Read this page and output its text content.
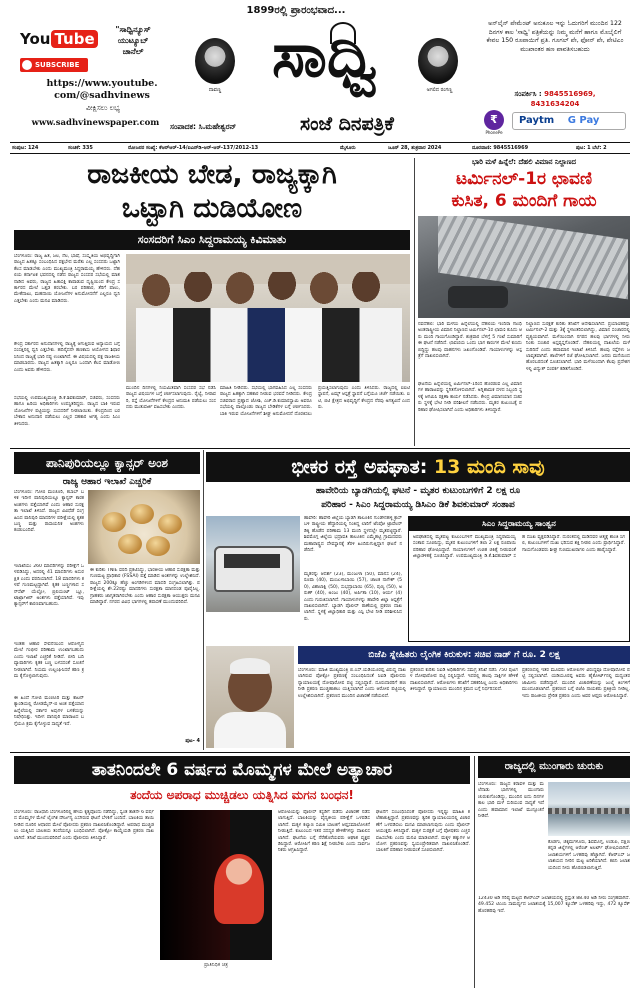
You Tube
SUBSCRIBE
"ಸಾಧ್ವಿನ್ಯೂಸ್
ಯುಟ್ಯೂಬ್
ಚಾನೆಲ್
https://www.youtube.
com/@sadhvinews
ವೀಕ್ಷಿಸಲು ಲಭ್ಯ
www.sadhvinewspaper.com
1899ರಲ್ಲಿ ಪ್ರಾರಂಭವಾದ...
ದಾವಣ್ಣ ಸಾಧ್ವಿ	ಅಗಲಿದ ರಂಗಣ್ಣ
ಸಂಪಾದಕ: ಸಿ.ಮಹೇಶ್ವರನ್	ಸಂಜೆ ದಿನಪತ್ರಿಕೆ
ಅನ್‌ಲೈನ್ ಪೇಮೆಂಟ್ ಅನುಕೂಲ ಇನ್ನು ಓದುಗರಿಗೆ ಮುಂದಿನ 122 ದಿನಗಳ ಕಾಲ 'ಸಾಧ್ವಿ' ಪತ್ರಿಕೆಯನ್ನು ನಿಮ್ಮ ಮನೆಗೆ ಹಾಗೂ ಮೊಬೈಲಿಗೆ ಕೇವಲ 150 ರೂಪಾಯಿಗೆ ಪ್ರತಿ. ಗೂಗಲ್ ಪೇ, ಫೋನ್ ಪೇ, ಪೇಟಿಎಂ ಮುಖಾಂತರ ಹಣ ಪಾವತಿಸಬಹುದು
ಸಂಪರ್ಕಿಸಿ : 9845516969,
8431634204
₹
PhonePe
Paytm G Pay
ಸಂಪುಟ: 124	ಸಂಚಿಕೆ: 335	ರೋಜನರ ಸಂಖ್ಯೆ: ಕೆಆರ್‌ಆರ್-14/ಐಎನ್‌ಡಿ-ಆರ್‌-ಆರ್‌-137/2012-13	ಮೈಸೂರು	ಜೂನ್ 28, ಶುಕ್ರವಾರ 2024	ದೂರವಾಣಿ: 9845516969	ಪುಟ: 1 ಬೆಲೆ: 2
ರಾಜಕೀಯ ಬೇಡ, ರಾಜ್ಯಕ್ಕಾಗಿ
ಒಟ್ಟಾಗಿ ದುಡಿಯೋಣ
ಸಂಸದರಿಗೆ ಸಿಎಂ ಸಿದ್ದರಾಮಯ್ಯ ಕಿವಿಮಾತು
ಬೆಂಗಳೂರು: ರಾಜ್ಯ ಹಿತ, ಜಲ, ನೆಲ, ಭಾಷೆ, ಸಂಸ್ಕೃತಿಯ ಅಭಿವೃದ್ಧಿಗಾಗಿ ರಾಜ್ಯದ ಹಿತಕ್ಕೂ ಸಂಬಂಧಿಸಿದ ಪಕ್ಷಭೇದ ಮರೆತು ಎಲ್ಲ ಸಂಸದರು ಒಟ್ಟಾಗಿ ಕೆಲಸ ಮಾಡಬೇಕು ಎಂದು ಮುಖ್ಯಮಂತ್ರಿ ಸಿದ್ದರಾಮಯ್ಯ ಹೇಳಿದರು. ದೆಹಲಿಯ ಕರ್ನಾಟಕ ಭವನದಲ್ಲಿ ನಡೆದ ರಾಜ್ಯದ ಸಂಸದರ ಸಭೆಯಲ್ಲಿ ಮಾತನಾಡಿದ ಅವರು, ರಾಜ್ಯದ ಹಿತಾಸಕ್ತಿ ಕಾಪಾಡುವ ದೃಷ್ಟಿಯಿಂದ ಕೇಂದ್ರ ಸರ್ಕಾರದ ಮೇಲೆ ಒತ್ತಡ ತರಬೇಕು. ಬರ ಪರಿಹಾರ, ತೆರಿಗೆ ಪಾಲು, ಮೇಕೆದಾಟು, ಮಹದಾಯಿ ಯೋಜನೆಗಳ ಅನುಮೋದನೆಗೆ ಎಲ್ಲರೂ ಧ್ವನಿ ಎತ್ತಬೇಕು ಎಂದು ಮನವಿ ಮಾಡಿದರು.
ಕೇಂದ್ರ ಸರ್ಕಾರದ ಅನುದಾನಗಳಲ್ಲಿ ರಾಜ್ಯಕ್ಕೆ ಆಗುತ್ತಿರುವ ಅನ್ಯಾಯದ ಬಗ್ಗೆ ಸಂಸತ್ತಿನಲ್ಲಿ ಧ್ವನಿ ಎತ್ತಬೇಕು. ಹದಿನೈದನೇ ಹಣಕಾಸು ಆಯೋಗದ ಶಿಫಾರಸಿನಿಂದ ರಾಜ್ಯಕ್ಕೆ ಭಾರಿ ನಷ್ಟ ಉಂಟಾಗಿದೆ. ಈ ವಿಷಯದಲ್ಲಿ ಪಕ್ಷ ರಾಜಕೀಯ ಮಾಡಬಾರದು. ರಾಜ್ಯದ ಹಿತಕ್ಕಾಗಿ ಎಲ್ಲರೂ ಒಂದಾಗಿ ಕೆಲಸ ಮಾಡೋಣ ಎಂದು ಅವರು ಹೇಳಿದರು.
ಸಭೆಯಲ್ಲಿ ಉಪಮುಖ್ಯಮಂತ್ರಿ ಡಿ.ಕೆ.ಶಿವಕುಮಾರ್, ಸಚಿವರು, ಸಂಸದರು ಹಾಗೂ ಹಿರಿಯ ಅಧಿಕಾರಿಗಳು ಉಪಸ್ಥಿತರಿದ್ದರು. ರಾಜ್ಯದ ಬಾಕಿ ಇರುವ ಯೋಜನೆಗಳ ಪಟ್ಟಿಯನ್ನು ಸಂಸದರಿಗೆ ನೀಡಲಾಯಿತು. ಕೇಂದ್ರದಿಂದ ಬರಬೇಕಾದ ಅನುದಾನ ಪಡೆಯಲು ಎಲ್ಲರ ಸಹಕಾರ ಅಗತ್ಯ ಎಂದು ಸಿಎಂ ತಿಳಿಸಿದರು.
ಮುಂದಿನ ದಿನಗಳಲ್ಲಿ ನಿಯಮಿತವಾಗಿ ಸಂಸದರ ಸಭೆ ನಡೆಸಿ ರಾಜ್ಯದ ವಿಷಯಗಳ ಬಗ್ಗೆ ಚರ್ಚಿಸಲಾಗುವುದು. ರೈಲ್ವೆ, ನೀರಾವರಿ, ರಸ್ತೆ ಯೋಜನೆಗಳಿಗೆ ಕೇಂದ್ರದ ಅನುಮತಿ ಪಡೆಯಲು ಸಂಸದರು ಮುತುವರ್ಜಿ ವಹಿಸಬೇಕು ಎಂದರು.
ಮಾಹಿತಿ ನೀಡಿದರು. ಸಭೆಯಲ್ಲಿ ಭಾಗವಹಿಸಿದ ಎಲ್ಲ ಸಂಸದರು ರಾಜ್ಯದ ಹಿತಕ್ಕಾಗಿ ಸಹಕಾರ ನೀಡುವ ಭರವಸೆ ನೀಡಿದರು. ಕೇಂದ್ರ ಸಚಿವರಾದ ಪ್ರಹ್ಲಾದ ಜೋಶಿ, ಎಚ್.ಡಿ.ಕುಮಾರಸ್ವಾಮಿ ಅವರೂ ಸಭೆಯಲ್ಲಿ ಪಾಲ್ಗೊಂಡು ರಾಜ್ಯದ ಬೇಡಿಕೆಗಳ ಬಗ್ಗೆ ಚರ್ಚಿಸಿದರು. ಬಾಕಿ ಇರುವ ಯೋಜನೆಗಳಿಗೆ ಶೀಘ್ರ ಅನುಮೋದನೆ ದೊರಕಿಸಲು ಪ್ರಯತ್ನಿಸಲಾಗುವುದು ಎಂದು ತಿಳಿಸಿದರು. ರಾಜ್ಯದಲ್ಲಿ ಐಐಟಿ ಸ್ಥಾಪನೆ, ಏಮ್ಸ್ ಆಸ್ಪತ್ರೆ ಸ್ಥಾಪನೆ ಬಗ್ಗೆಯೂ ಚರ್ಚೆ ನಡೆಯಿತು. ಐಟಿ, ಬಿಟಿ ಕ್ಷೇತ್ರದ ಅಭಿವೃದ್ಧಿಗೆ ಕೇಂದ್ರದ ನೆರವು ಅಗತ್ಯವಿದೆ ಎಂದರು.
ಭಾರಿ ಮಳೆ ಹಿನ್ನೆಲೆ: ದೆಹಲಿ ವಿಮಾನ ನಿಲ್ದಾಣದ
ಟರ್ಮಿನಲ್-1ರ ಛಾವಣಿ
ಕುಸಿತ, 6 ಮಂದಿಗೆ ಗಾಯ
ನವದೆಹಲಿ: ಭಾರಿ ಮಳೆಯ ಹಿನ್ನೆಲೆಯಲ್ಲಿ ದೆಹಲಿಯ ಇಂದಿರಾ ಗಾಂಧಿ ಅಂತರಾಷ್ಟ್ರೀಯ ವಿಮಾನ ನಿಲ್ದಾಣದ ಟರ್ಮಿನಲ್-1ರ ಛಾವಣಿ ಕುಸಿದು ಆರು ಮಂದಿ ಗಾಯಗೊಂಡಿದ್ದಾರೆ. ಶುಕ್ರವಾರ ಬೆಳಗ್ಗೆ 5 ಗಂಟೆ ಸುಮಾರಿಗೆ ಈ ಘಟನೆ ನಡೆದಿದೆ. ಛಾವಣಿಯ ಒಂದು ಭಾಗ ಕಾರುಗಳ ಮೇಲೆ ಕುಸಿದು ಬಿದ್ದಿದ್ದು ಹಲವು ವಾಹನಗಳು ಜಖಂಗೊಂಡಿವೆ. ಗಾಯಾಳುಗಳನ್ನು ಆಸ್ಪತ್ರೆಗೆ ದಾಖಲಿಸಲಾಗಿದೆ.
ಘಟನೆಯ ಹಿನ್ನೆಲೆಯಲ್ಲಿ ಟರ್ಮಿನಲ್-1ರಿಂದ ಹೊರಡುವ ಎಲ್ಲ ವಿಮಾನಗಳ ಹಾರಾಟವನ್ನು ಸ್ಥಗಿತಗೊಳಿಸಲಾಗಿದೆ. ಅಗ್ನಿಶಾಮಕ ದಳದ ಸಿಬ್ಬಂದಿ ಸ್ಥಳಕ್ಕೆ ಆಗಮಿಸಿ ರಕ್ಷಣಾ ಕಾರ್ಯ ನಡೆಸಿದರು. ಕೇಂದ್ರ ವಿಮಾನಯಾನ ಸಚಿವರು ಸ್ಥಳಕ್ಕೆ ಭೇಟಿ ನೀಡಿ ಪರಿಶೀಲನೆ ನಡೆಸಿದರು. ಮೃತರ ಕುಟುಂಬಕ್ಕೆ ಪರಿಹಾರ ಘೋಷಿಸಲಾಗಿದೆ ಎಂದು ಅಧಿಕಾರಿಗಳು ತಿಳಿಸಿದ್ದಾರೆ.
ನಿಲ್ದಾಣದ ಸುರಕ್ಷತೆ ಕುರಿತು ತನಿಖೆಗೆ ಆದೇಶಿಸಲಾಗಿದೆ. ಪ್ರಯಾಣಿಕರನ್ನು ಟರ್ಮಿನಲ್-2 ಮತ್ತು 3ಕ್ಕೆ ಸ್ಥಳಾಂತರಿಸಲಾಗಿದ್ದು, ವಿಮಾನ ಸಂಚಾರದಲ್ಲಿ ವ್ಯತ್ಯಯವಾಗಿದೆ. ಮಳೆಯಿಂದಾಗಿ ನಗರದ ಹಲವು ಭಾಗಗಳಲ್ಲಿ ನೀರು ನಿಂತು ಸಂಚಾರ ಅಸ್ತವ್ಯಸ್ತಗೊಂಡಿದೆ. ದೆಹಲಿಯಲ್ಲಿ ದಾಖಲೆಯ ಮಳೆ ಸುರಿದಿದೆ ಎಂದು ಹವಾಮಾನ ಇಲಾಖೆ ತಿಳಿಸಿದೆ. ಹಲವು ರಸ್ತೆಗಳು ಜಲಾವೃತವಾಗಿವೆ. ಶಾಲೆಗಳಿಗೆ ರಜೆ ಘೋಷಿಸಲಾಗಿದೆ. ಜನರು ಮನೆಯಿಂದ ಹೊರಬರದಂತೆ ಸೂಚಿಸಲಾಗಿದೆ. ಭಾರಿ ಮಳೆಯಿಂದಾಗಿ ಕೆಲವು ಪ್ರದೇಶಗಳಲ್ಲಿ ವಿದ್ಯುತ್ ಸಂಪರ್ಕ ಕಡಿತಗೊಂಡಿದೆ.
ಪಾನಿಪುರಿಯಲ್ಲೂ ಕ್ಯಾನ್ಸರ್ ಅಂಶ
ರಾಜ್ಯ ಆಹಾರ ಇಲಾಖೆ ಎಚ್ಚರಿಕೆ
ಬೆಂಗಳೂರು: ಗೋಬಿ ಮಂಚೂರಿ, ಕಬಾಬ್ ಬಳಿಕ ಇದೀಗ ಪಾನಿಪುರಿಯಲ್ಲೂ ಕ್ಯಾನ್ಸರ್ ಕಾರಕ ಅಂಶಗಳು ಪತ್ತೆಯಾಗಿವೆ ಎಂದು ಆಹಾರ ಸುರಕ್ಷತಾ ಇಲಾಖೆ ತಿಳಿಸಿದೆ. ರಾಜ್ಯದ ವಿವಿಧೆಡೆ ಸಂಗ್ರಹಿಸಿದ ಪಾನಿಪುರಿ ಮಾದರಿಗಳ ಪರೀಕ್ಷೆಯಲ್ಲಿ ಕೃತಕ ಬಣ್ಣ ಮತ್ತು ರಾಸಾಯನಿಕ ಅಂಶಗಳು ಕಂಡುಬಂದಿವೆ.
ಇಲಾಖೆಯು 260 ಮಾದರಿಗಳನ್ನು ಪರೀಕ್ಷೆಗೆ ಒಳಪಡಿಸಿದ್ದು, ಅದರಲ್ಲಿ 41 ಮಾದರಿಗಳು ಅಸುರಕ್ಷಿತ ಎಂದು ವರದಿಯಾಗಿದೆ. 18 ಮಾದರಿಗಳು ಕಳಪೆ ಗುಣಮಟ್ಟದ್ದಾಗಿವೆ. ಕೃತಕ ಬಣ್ಣಗಳಾದ ಸನ್‌ಸೆಟ್ ಯೆಲ್ಲೋ, ಬ್ರಿಲಿಯಂಟ್ ಬ್ಲೂ, ಟಾರ್ಟ್ರಾಜಿನ್ ಅಂಶಗಳು ಪತ್ತೆಯಾಗಿವೆ. ಇವು ಕ್ಯಾನ್ಸರ್‌ಗೆ ಕಾರಣವಾಗಬಹುದು.
ಇಂತಹ ಆಹಾರ ಸೇವನೆಯಿಂದ ಆರೋಗ್ಯದ ಮೇಲೆ ಗಂಭೀರ ಪರಿಣಾಮ ಉಂಟಾಗಬಹುದು ಎಂದು ಇಲಾಖೆ ಎಚ್ಚರಿಕೆ ನೀಡಿದೆ. ಬೀದಿ ಬದಿ ವ್ಯಾಪಾರಿಗಳು ಕೃತಕ ಬಣ್ಣ ಬಳಸದಂತೆ ಸೂಚನೆ ನೀಡಲಾಗಿದೆ. ನಿಯಮ ಉಲ್ಲಂಘಿಸಿದರೆ ಕಠಿಣ ಕ್ರಮ ಕೈಗೊಳ್ಳಲಾಗುವುದು.
ಈ ಹಿಂದೆ ಗೋಬಿ ಮಂಚೂರಿ ಮತ್ತು ಕಾಟನ್ ಕ್ಯಾಂಡಿಯಲ್ಲಿ ರೋಡಮೈನ್-ಬಿ ಅಂಶ ಪತ್ತೆಯಾದ ಹಿನ್ನೆಲೆಯಲ್ಲಿ ಸರ್ಕಾರ ಅವುಗಳ ಬಳಕೆಯನ್ನು ನಿಷೇಧಿಸಿತ್ತು. ಇದೀಗ ಪಾನಿಪುರಿ ಮಾರಾಟದ ಬಗ್ಗೆಯೂ ಕ್ರಮ ಕೈಗೊಳ್ಳುವ ಸಾಧ್ಯತೆ ಇದೆ.
ಈ ಕುರಿತು TNIE ವರದಿ ಪ್ರಕಟಿಸಿದ್ದು, ಭಾರತೀಯ ಆಹಾರ ಸುರಕ್ಷತಾ ಮತ್ತು ಗುಣಮಟ್ಟ ಪ್ರಾಧಿಕಾರ (FSSAI) ಪತ್ತೆ ಮಾಡಿದ ಅಂಶಗಳನ್ನು ಉಲ್ಲೇಖಿಸಿದೆ. ರಾಜ್ಯದ 200ಕ್ಕೂ ಹೆಚ್ಚು ಅಂಗಡಿಗಳಿಂದ ಮಾದರಿ ಸಂಗ್ರಹಿಸಲಾಗಿತ್ತು. ಪರೀಕ್ಷೆಯಲ್ಲಿ ಶೇ.22ರಷ್ಟು ಮಾದರಿಗಳು ಸುರಕ್ಷತಾ ಮಾನದಂಡ ಪೂರೈಸಿಲ್ಲ. ಗ್ರಾಹಕರು ಜಾಗೃತರಾಗಿರಬೇಕು ಎಂದು ಆಹಾರ ಸುರಕ್ಷತಾ ಆಯುಕ್ತರು ಮನವಿ ಮಾಡಿದ್ದಾರೆ. ನಗರದ ವಿವಿಧ ಭಾಗಗಳಲ್ಲಿ ತಪಾಸಣೆ ಮುಂದುವರಿದಿದೆ.
ಪುಟ- 4
ಭೀಕರ ರಸ್ತೆ ಅಪಘಾತ: 13 ಮಂದಿ ಸಾವು
ಹಾವೇರಿಯ ಬ್ಯಾಡಗಿಯಲ್ಲಿ ಘಟನೆ - ಮೃತರ ಕುಟುಂಬಗಳಿಗೆ 2 ಲಕ್ಷ ರೂ
ಪರಿಹಾರ - ಸಿಎಂ ಸಿದ್ದರಾಮಯ್ಯ ಡಿಸಿಎಂ ಡಿಕೆ ಶಿವಕುಮಾರ್ ಸಂತಾಪ
ಹಾವೇರಿ: ಹಾವೇರಿ ಜಿಲ್ಲೆಯ ಬ್ಯಾಡಗಿ ತಾಲೂಕಿನ ಗುಂಡೇನಹಳ್ಳಿ ಕ್ರಾಸ್ ಬಳಿ ರಾಷ್ಟ್ರೀಯ ಹೆದ್ದಾರಿಯಲ್ಲಿ ನಿಂತಿದ್ದ ಲಾರಿಗೆ ಟೆಂಪೋ ಟ್ರಾವೆಲರ್ ಡಿಕ್ಕಿ ಹೊಡೆದ ಪರಿಣಾಮ 13 ಮಂದಿ ಸ್ಥಳದಲ್ಲೇ ಮೃತಪಟ್ಟಿದ್ದಾರೆ. ಶಿವಮೊಗ್ಗ ಜಿಲ್ಲೆಯ ಭದ್ರಾವತಿ ತಾಲೂಕಿನ ಎಮ್ಮೆಹಟ್ಟಿ ಗ್ರಾಮದವರು ಮಹಾರಾಷ್ಟ್ರದ ದೇವಸ್ಥಾನಕ್ಕೆ ತೆರಳಿ ಹಿಂದಿರುಗುತ್ತಿದ್ದಾಗ ಘಟನೆ ನಡೆದಿದೆ.
ಮೃತರನ್ನು ಆದರ್ಶ (23), ಮಂಜುಳಾ (50), ಮಾನಸ (24), ರೂಪಾ (40), ಮಂಜುಳಾಬಾಯಿ (57), ಚಾಲಕ ನಾಗೇಶ್ (50), ವಿಶಾಲಾಕ್ಷಿ (50), ಸುಭದ್ರಾಬಾಯಿ (65), ಪುಣ್ಯ (50), ಅರುಣ್ (40), ಅಂಜು (40), ಅರ್ಪಿತಾ (10), ಆರ್ಯ (4) ಎಂದು ಗುರುತಿಸಲಾಗಿದೆ. ಗಾಯಾಳುಗಳನ್ನು ಹಾವೇರಿ ಜಿಲ್ಲಾ ಆಸ್ಪತ್ರೆಗೆ ದಾಖಲಿಸಲಾಗಿದೆ. ಬ್ಯಾಡಗಿ ಪೊಲೀಸ್ ಠಾಣೆಯಲ್ಲಿ ಪ್ರಕರಣ ದಾಖಲಾಗಿದೆ. ಸ್ಥಳಕ್ಕೆ ಜಿಲ್ಲಾಧಿಕಾರಿ ಮತ್ತು ಎಸ್ಪಿ ಭೇಟಿ ನೀಡಿ ಪರಿಶೀಲಿಸಿದರು.
ಸಿಎಂ ಸಿದ್ದರಾಮಯ್ಯ ಸಾಂತ್ವನ
ಅಪಘಾತದಲ್ಲಿ ಮೃತಪಟ್ಟ ಕುಟುಂಬಗಳಿಗೆ ಮುಖ್ಯಮಂತ್ರಿ ಸಿದ್ದರಾಮಯ್ಯ ಸಂತಾಪ ಸೂಚಿಸಿದ್ದು, ಮೃತರ ಕುಟುಂಬಗಳಿಗೆ ತಲಾ 2 ಲಕ್ಷ ರೂಪಾಯಿ ಪರಿಹಾರ ಘೋಷಿಸಿದ್ದಾರೆ. ಗಾಯಾಳುಗಳಿಗೆ ಉಚಿತ ಚಿಕಿತ್ಸೆ ನೀಡುವಂತೆ ಜಿಲ್ಲಾಡಳಿತಕ್ಕೆ ಸೂಚಿಸಿದ್ದಾರೆ. ಉಪಮುಖ್ಯಮಂತ್ರಿ ಡಿ.ಕೆ.ಶಿವಕುಮಾರ್ ಸಹ ದುಃಖ ವ್ಯಕ್ತಪಡಿಸಿದ್ದಾರೆ. ದುರಂತದಲ್ಲಿ ಮಡಿದವರ ಆತ್ಮಕ್ಕೆ ಶಾಂತಿ ಸಿಗಲಿ, ಕುಟುಂಬಗಳಿಗೆ ದುಃಖ ಭರಿಸುವ ಶಕ್ತಿ ನೀಡಲಿ ಎಂದು ಪ್ರಾರ್ಥಿಸಿದ್ದಾರೆ. ಗಾಯಗೊಂಡವರು ಶೀಘ್ರ ಗುಣಮುಖರಾಗಲಿ ಎಂದು ಹಾರೈಸಿದ್ದಾರೆ.
ಬಿಜೆಪಿ ಸ್ನೇಹಿತರು ಲೈಂಗಿಕ ಕಿರುಕುಳ: ಸಚಿವ ನಾಡ್ ಗೆ ರೂ. 2 ಲಕ್ಷ
ಬೆಂಗಳೂರು: ಮಾಜಿ ಮುಖ್ಯಮಂತ್ರಿ ಬಿ.ಎಸ್.ಯಡಿಯೂರಪ್ಪ ವಿರುದ್ಧ ದಾಖಲಾಗಿರುವ ಪೋಕ್ಸೋ ಪ್ರಕರಣಕ್ಕೆ ಸಂಬಂಧಿಸಿದಂತೆ ಸಿಐಡಿ ಪೊಲೀಸರು ನ್ಯಾಯಾಲಯಕ್ಕೆ ದೋಷಾರೋಪ ಪಟ್ಟಿ ಸಲ್ಲಿಸಿದ್ದಾರೆ. ದೂರುದಾರರಿಗೆ ಹಣ ನೀಡಿ ಪ್ರಕರಣ ಮುಚ್ಚಿಹಾಕಲು ಯತ್ನಿಸಲಾಗಿದೆ ಎಂದು ಆರೋಪ ಪಟ್ಟಿಯಲ್ಲಿ ಉಲ್ಲೇಖಿಸಲಾಗಿದೆ. ಪ್ರಕರಣದ ಮುಂದಿನ ವಿಚಾರಣೆ ನಡೆಯಲಿದೆ.
ಪ್ರಕರಣದ ಕುರಿತು ಸಿಐಡಿ ಅಧಿಕಾರಿಗಳು ಸಮಗ್ರ ತನಿಖೆ ನಡೆಸಿ 750 ಪುಟಗಳ ದೋಷಾರೋಪ ಪಟ್ಟಿ ಸಲ್ಲಿಸಿದ್ದಾರೆ. ಇದರಲ್ಲಿ ಹಲವು ಸಾಕ್ಷಿಗಳ ಹೇಳಿಕೆ ದಾಖಲಿಸಲಾಗಿದೆ. ಆರೋಪಿಗಳು ತನಿಖೆಗೆ ಸಹಕರಿಸಿಲ್ಲ ಎಂದು ಅಧಿಕಾರಿಗಳು ತಿಳಿಸಿದ್ದಾರೆ. ನ್ಯಾಯಾಲಯ ಮುಂದಿನ ಕ್ರಮದ ಬಗ್ಗೆ ನಿರ್ಧರಿಸಲಿದೆ.
ಪ್ರಕರಣದಲ್ಲಿ ಇತರ ಮೂವರು ಆರೋಪಿಗಳ ವಿರುದ್ಧವೂ ದೋಷಾರೋಪ ಪಟ್ಟಿ ಸಲ್ಲಿಸಲಾಗಿದೆ. ಯಡಿಯೂರಪ್ಪ ಅವರು ಹೈಕೋರ್ಟ್‌ನಲ್ಲಿ ಮಧ್ಯಂತರ ಜಾಮೀನು ಪಡೆದಿದ್ದಾರೆ. ಮುಂದಿನ ವಿಚಾರಣೆಯನ್ನು ಜುಲೈ ತಿಂಗಳಿಗೆ ಮುಂದೂಡಲಾಗಿದೆ. ಪ್ರಕರಣದ ಬಗ್ಗೆ ಬಿಜೆಪಿ ನಾಯಕರು ಪ್ರತಿಕ್ರಿಯೆ ನೀಡಿಲ್ಲ. ಇದು ರಾಜಕೀಯ ಪ್ರೇರಿತ ಪ್ರಕರಣ ಎಂದು ಅವರ ಆಪ್ತರು ಆರೋಪಿಸಿದ್ದಾರೆ.
ತಾತನಿಂದಲೇ 6 ವರ್ಷದ ಮೊಮ್ಮಗಳ ಮೇಲೆ ಅತ್ಯಾಚಾರ
ತಂದೆಯ ಅಪರಾಧ ಮುಚ್ಚಿಡಲು ಯತ್ನಿಸಿದ ಮಗನ ಬಂಧನ!
ಬೆಂಗಳೂರು: ರಾಜಧಾನಿ ಬೆಂಗಳೂರಿನಲ್ಲಿ ಹೇಯ ಕೃತ್ಯವೊಂದು ನಡೆದಿದ್ದು, ಸ್ವಂತ ತಾತನೇ 6 ವರ್ಷದ ಮೊಮ್ಮಗಳ ಮೇಲೆ ಲೈಂಗಿಕ ದೌರ್ಜನ್ಯ ಎಸಗಿರುವ ಘಟನೆ ಬೆಳಕಿಗೆ ಬಂದಿದೆ. ಬಾಲಕಿಯ ತಾಯಿ ನೀಡಿದ ದೂರಿನ ಆಧಾರದ ಮೇಲೆ ಪೊಲೀಸರು ಪ್ರಕರಣ ದಾಖಲಿಸಿಕೊಂಡಿದ್ದಾರೆ. ಅಪರಾಧ ಮುಚ್ಚಿಡಲು ಯತ್ನಿಸಿದ ಬಾಲಕಿಯ ತಂದೆಯನ್ನೂ ಬಂಧಿಸಲಾಗಿದೆ. ಪೋಕ್ಸೋ ಕಾಯ್ದೆಯಡಿ ಪ್ರಕರಣ ದಾಖಲಾಗಿದೆ. ತನಿಖೆ ಮುಂದುವರಿದಿದೆ ಎಂದು ಪೊಲೀಸರು ತಿಳಿಸಿದ್ದಾರೆ.
ಪ್ರಾತಿನಿಧಿಕ ಚಿತ್ರ
ಆರೋಪಿಯನ್ನು ಪೊಲೀಸ್ ಕಸ್ಟಡಿಗೆ ಪಡೆದು ವಿಚಾರಣೆ ನಡೆಸಲಾಗುತ್ತಿದೆ. ಬಾಲಕಿಯನ್ನು ವೈದ್ಯಕೀಯ ಪರೀಕ್ಷೆಗೆ ಒಳಪಡಿಸಲಾಗಿದೆ. ಮಕ್ಕಳ ಕಲ್ಯಾಣ ಸಮಿತಿ ಬಾಲಕಿಗೆ ಆಪ್ತಸಮಾಲೋಚನೆ ನೀಡುತ್ತಿದೆ. ಕುಟುಂಬದ ಇತರ ಸದಸ್ಯರ ಹೇಳಿಕೆಗಳನ್ನು ದಾಖಲಿಸಲಾಗಿದೆ. ಘಟನೆಯ ಬಗ್ಗೆ ನೆರೆಹೊರೆಯವರು ಆಘಾತ ವ್ಯಕ್ತಪಡಿಸಿದ್ದಾರೆ. ಆರೋಪಿಗೆ ಕಠಿಣ ಶಿಕ್ಷೆ ನೀಡಬೇಕು ಎಂದು ಸಾರ್ವಜನಿಕರು ಆಗ್ರಹಿಸಿದ್ದಾರೆ.
ಘಟನೆಗೆ ಸಂಬಂಧಿಸಿದಂತೆ ಪೊಲೀಸರು ಇನ್ನಷ್ಟು ಮಾಹಿತಿ ಕಲೆಹಾಕುತ್ತಿದ್ದಾರೆ. ಪ್ರಕರಣವನ್ನು ತ್ವರಿತ ನ್ಯಾಯಾಲಯದಲ್ಲಿ ವಿಚಾರಣೆಗೆ ಒಳಪಡಿಸಲು ಮನವಿ ಮಾಡಲಾಗುವುದು ಎಂದು ಪೊಲೀಸ್ ಆಯುಕ್ತರು ತಿಳಿಸಿದ್ದಾರೆ. ಮಕ್ಕಳ ಸುರಕ್ಷತೆ ಬಗ್ಗೆ ಪೋಷಕರು ಎಚ್ಚರ ವಹಿಸಬೇಕು ಎಂದು ಮನವಿ ಮಾಡಲಾಗಿದೆ. ಮಕ್ಕಳ ಹಕ್ಕುಗಳ ಆಯೋಗ ಪ್ರಕರಣವನ್ನು ಸ್ವಯಂಪ್ರೇರಿತವಾಗಿ ದಾಖಲಿಸಿಕೊಂಡಿದೆ. ಬಾಲಕಿಗೆ ಪರಿಹಾರ ನೀಡುವಂತೆ ಸೂಚಿಸಲಾಗಿದೆ.
ರಾಜ್ಯದಲ್ಲಿ ಮುಂಗಾರು ಚುರುಕು
ಬೆಂಗಳೂರು: ರಾಜ್ಯದ ಕರಾವಳಿ ಮತ್ತು ಮಲೆನಾಡು ಭಾಗಗಳಲ್ಲಿ ಮುಂಗಾರು ಚುರುಕುಗೊಂಡಿದ್ದು, ಮುಂದಿನ ಐದು ದಿನಗಳ ಕಾಲ ಭಾರಿ ಮಳೆ ಸುರಿಯುವ ಸಾಧ್ಯತೆ ಇದೆ ಎಂದು ಹವಾಮಾನ ಇಲಾಖೆ ಮುನ್ಸೂಚನೆ ನೀಡಿದೆ.
ಕೊಡಗು, ಚಿಕ್ಕಮಗಳೂರು, ಶಿವಮೊಗ್ಗ, ಉಡುಪಿ, ದಕ್ಷಿಣ ಕನ್ನಡ ಜಿಲ್ಲೆಗಳಲ್ಲಿ ಆರೆಂಜ್ ಅಲರ್ಟ್ ಘೋಷಿಸಲಾಗಿದೆ. ಜಲಾಶಯಗಳಿಗೆ ಒಳಹರಿವು ಹೆಚ್ಚಾಗಿದೆ. ಕೆಆರ್‌ಎಸ್ ಜಲಾಶಯದ ನೀರಿನ ಮಟ್ಟ ಏರಿಕೆಯಾಗಿದೆ. ಕಬಿನಿ ಜಲಾಶಯದಿಂದ ನೀರು ಹೊರಬಿಡಲಾಗುತ್ತಿದೆ.
12430 ಅಡಿ ಗರಿಷ್ಠ ಮಟ್ಟದ ಕೆಆರ್‌ಎಸ್ ಜಲಾಶಯದಲ್ಲಿ ಪ್ರಸ್ತುತ 88.40 ಅಡಿ ನೀರು ಸಂಗ್ರಹವಾಗಿದೆ. 49.452 ಟಿಎಂಸಿ ಸಾಮರ್ಥ್ಯದ ಜಲಾಶಯಕ್ಕೆ 15,007 ಕ್ಯೂಸೆಕ್ ಒಳಹರಿವು ಇದ್ದು, 472 ಕ್ಯೂಸೆಕ್ ಹೊರಹರಿವು ಇದೆ.
